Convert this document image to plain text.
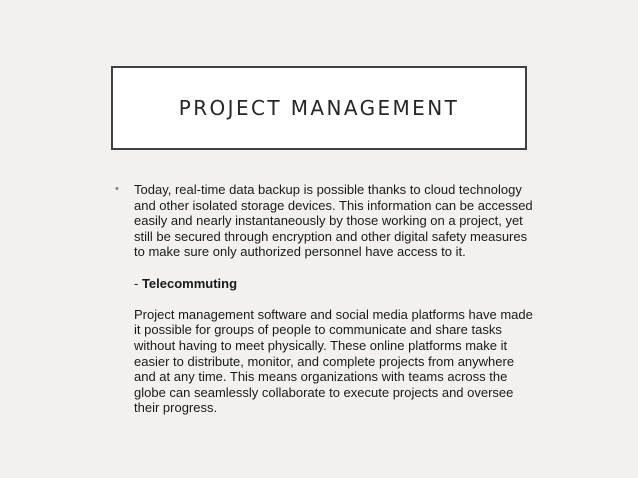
PROJECT MANAGEMENT

• Today, real-time data backup is possible thanks to cloud technology and other isolated storage devices. This information can be accessed easily and nearly instantaneously by those working on a project, yet still be secured through encryption and other digital safety measures to make sure only authorized personnel have access to it.

- Telecommuting

Project management software and social media platforms have made it possible for groups of people to communicate and share tasks without having to meet physically. These online platforms make it easier to distribute, monitor, and complete projects from anywhere and at any time. This means organizations with teams across the globe can seamlessly collaborate to execute projects and oversee their progress.
